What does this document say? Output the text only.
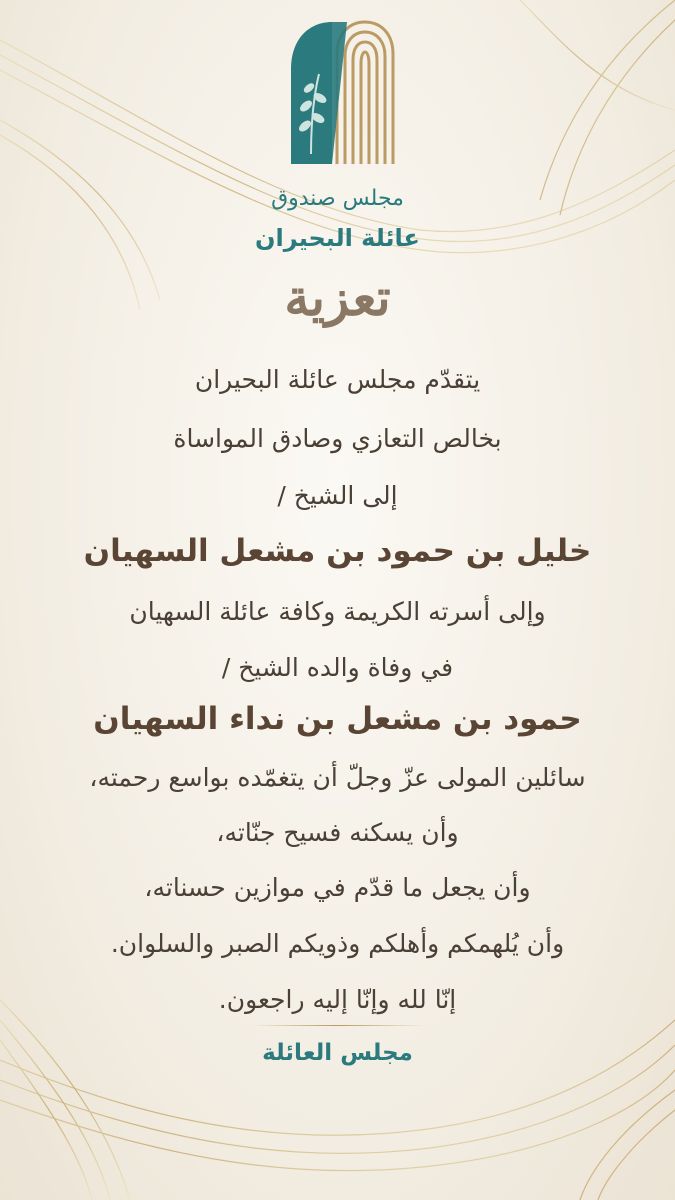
مجلس صندوق
عائلة البحيران
تعزية
يتقدّم مجلس عائلة البحيران
بخالص التعازي وصادق المواساة
إلى الشيخ /
خليل بن حمود بن مشعل السهيان
وإلى أسرته الكريمة وكافة عائلة السهيان
في وفاة والده الشيخ /
حمود بن مشعل بن نداء السهيان
سائلين المولى عزّ وجلّ أن يتغمّده بواسع رحمته،
وأن يسكنه فسيح جنّاته،
وأن يجعل ما قدّم في موازين حسناته،
وأن يُلهمكم وأهلكم وذويكم الصبر والسلوان.
إنّا لله وإنّا إليه راجعون.
مجلس العائلة
